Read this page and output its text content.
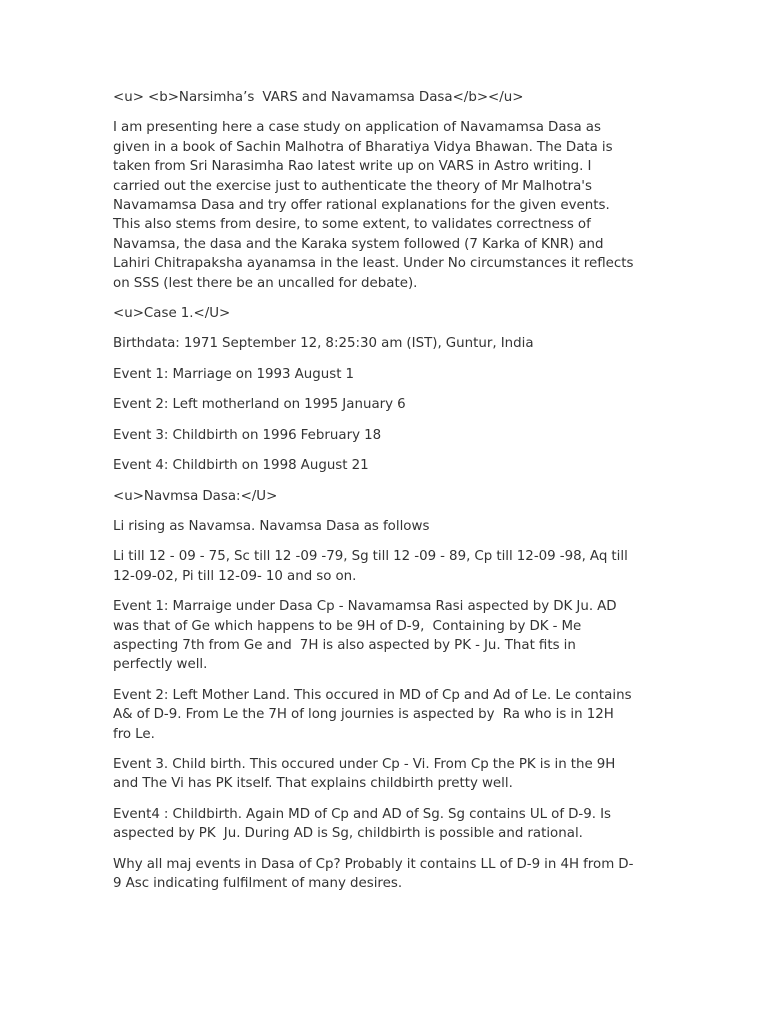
<u> <b>Narsimha’s  VARS and Navamamsa Dasa</b></u>
I am presenting here a case study on application of Navamamsa Dasa as
given in a book of Sachin Malhotra of Bharatiya Vidya Bhawan. The Data is
taken from Sri Narasimha Rao latest write up on VARS in Astro writing. I
carried out the exercise just to authenticate the theory of Mr Malhotra's
Navamamsa Dasa and try offer rational explanations for the given events.
This also stems from desire, to some extent, to validates correctness of
Navamsa, the dasa and the Karaka system followed (7 Karka of KNR) and
Lahiri Chitrapaksha ayanamsa in the least. Under No circumstances it reflects
on SSS (lest there be an uncalled for debate).
<u>Case 1.</U>
Birthdata: 1971 September 12, 8:25:30 am (IST), Guntur, India
Event 1: Marriage on 1993 August 1
Event 2: Left motherland on 1995 January 6
Event 3: Childbirth on 1996 February 18
Event 4: Childbirth on 1998 August 21
<u>Navmsa Dasa:</U>
Li rising as Navamsa. Navamsa Dasa as follows
Li till 12 - 09 - 75, Sc till 12 -09 -79, Sg till 12 -09 - 89, Cp till 12-09 -98, Aq till
12-09-02, Pi till 12-09- 10 and so on.
Event 1: Marraige under Dasa Cp - Navamamsa Rasi aspected by DK Ju. AD
was that of Ge which happens to be 9H of D-9,  Containing by DK - Me
aspecting 7th from Ge and  7H is also aspected by PK - Ju. That fits in
perfectly well.
Event 2: Left Mother Land. This occured in MD of Cp and Ad of Le. Le contains
A& of D-9. From Le the 7H of long journies is aspected by  Ra who is in 12H
fro Le.
Event 3. Child birth. This occured under Cp - Vi. From Cp the PK is in the 9H
and The Vi has PK itself. That explains childbirth pretty well.
Event4 : Childbirth. Again MD of Cp and AD of Sg. Sg contains UL of D-9. Is
aspected by PK  Ju. During AD is Sg, childbirth is possible and rational.
Why all maj events in Dasa of Cp? Probably it contains LL of D-9 in 4H from D-
9 Asc indicating fulfilment of many desires.
